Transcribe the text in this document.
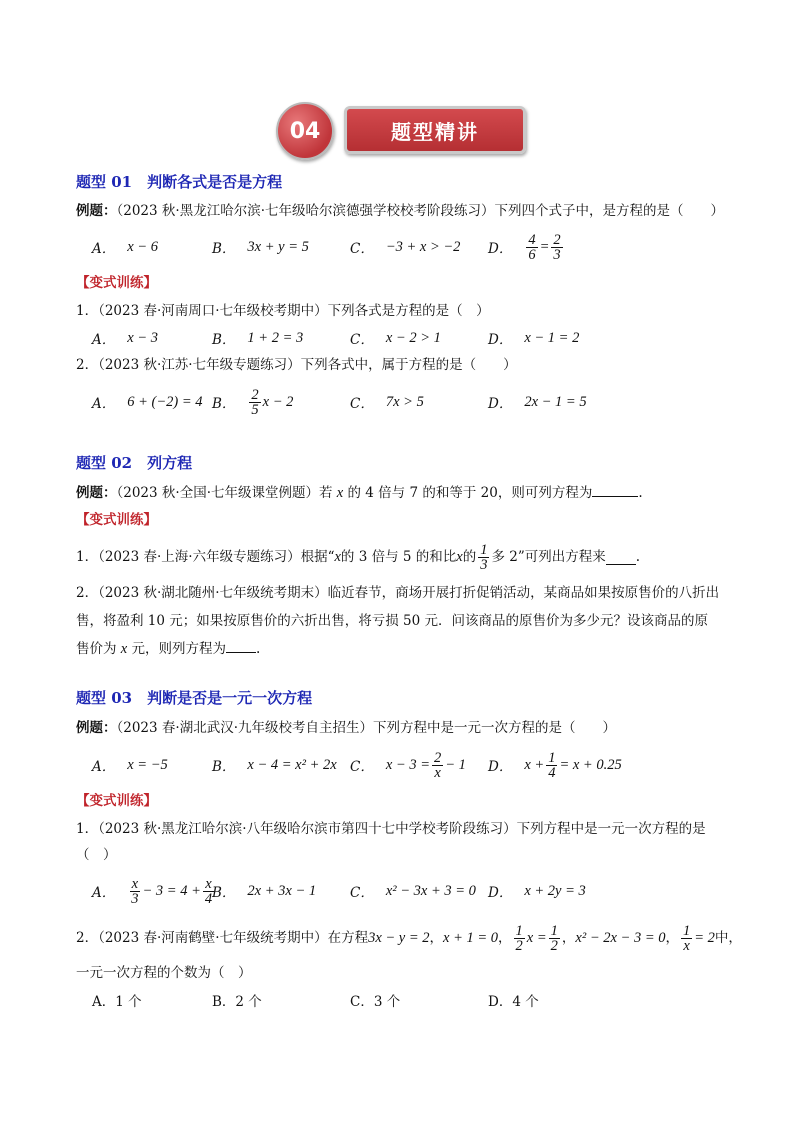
04	题型精讲
题型 01　判断各式是否是方程
例题：（2023 秋·黑龙江哈尔滨·七年级哈尔滨德强学校校考阶段练习）下列四个式子中，是方程的是（　　）
A． x − 6	B． 3x + y = 5	C． −3 + x > −2 D． $\frac{4}{6} = \frac{2}{3}$
【变式训练】
1．（2023 春·河南周口·七年级校考期中）下列各式是方程的是（　）
A． x − 3	B． 1 + 2 = 3	C． x − 2 > 1	D． x − 1 = 2
2．（2023 秋·江苏·七年级专题练习）下列各式中，属于方程的是（　　）
A． 6 + (−2) = 4 B． $\frac{2}{5}$ x − 2	C． 7x > 5	D． 2x − 1 = 5
题型 02　列方程
例题：（2023 秋·全国·七年级课堂例题）若 x 的 4 倍与 7 的和等于 20，则可列方程为	.
【变式训练】
1．（2023 春·上海·六年级专题练习）根据“ x 的 3 倍与 5 的和比 x 的 $\frac{1}{3}$ 多 2”可列出方程来 .
2．（2023 秋·湖北随州·七年级统考期末）临近春节，商场开展打折促销活动，某商品如果按原售价的八折出
售，将盈利 10 元；如果按原售价的六折出售，将亏损 50 元．问该商品的原售价为多少元？设该商品的原
售价为 x 元，则列方程为 .
题型 03　判断是否是一元一次方程
例题：（2023 春·湖北武汉·九年级校考自主招生）下列方程中是一元一次方程的是（　　）
A． x = −5	B． x − 4 = x² + 2x C． $x - 3 = \frac{2}{x} - 1$ D． $x + \frac{1}{4} = x + 0.25$
【变式训练】
1．（2023 秋·黑龙江哈尔滨·八年级哈尔滨市第四十七中学校考阶段练习）下列方程中是一元一次方程的是
（　）
A． $\frac{x}{3} - 3 = 4 + \frac{x}{4}$
B． 2x + 3x − 1	C． x² − 3x + 3 = 0 D． x + 2y = 3
2．（2023 春·河南鹤壁·七年级统考期中）在方程 3x − y = 2 ， x + 1 = 0 ， $\frac{1}{2}$ $x = \frac{1}{2}$ ， x² − 2x − 3 = 0 ， $\frac{1}{x} = 2$ 中，
一元一次方程的个数为（　）
A．1 个	B．2 个	C．3 个	D．4 个
